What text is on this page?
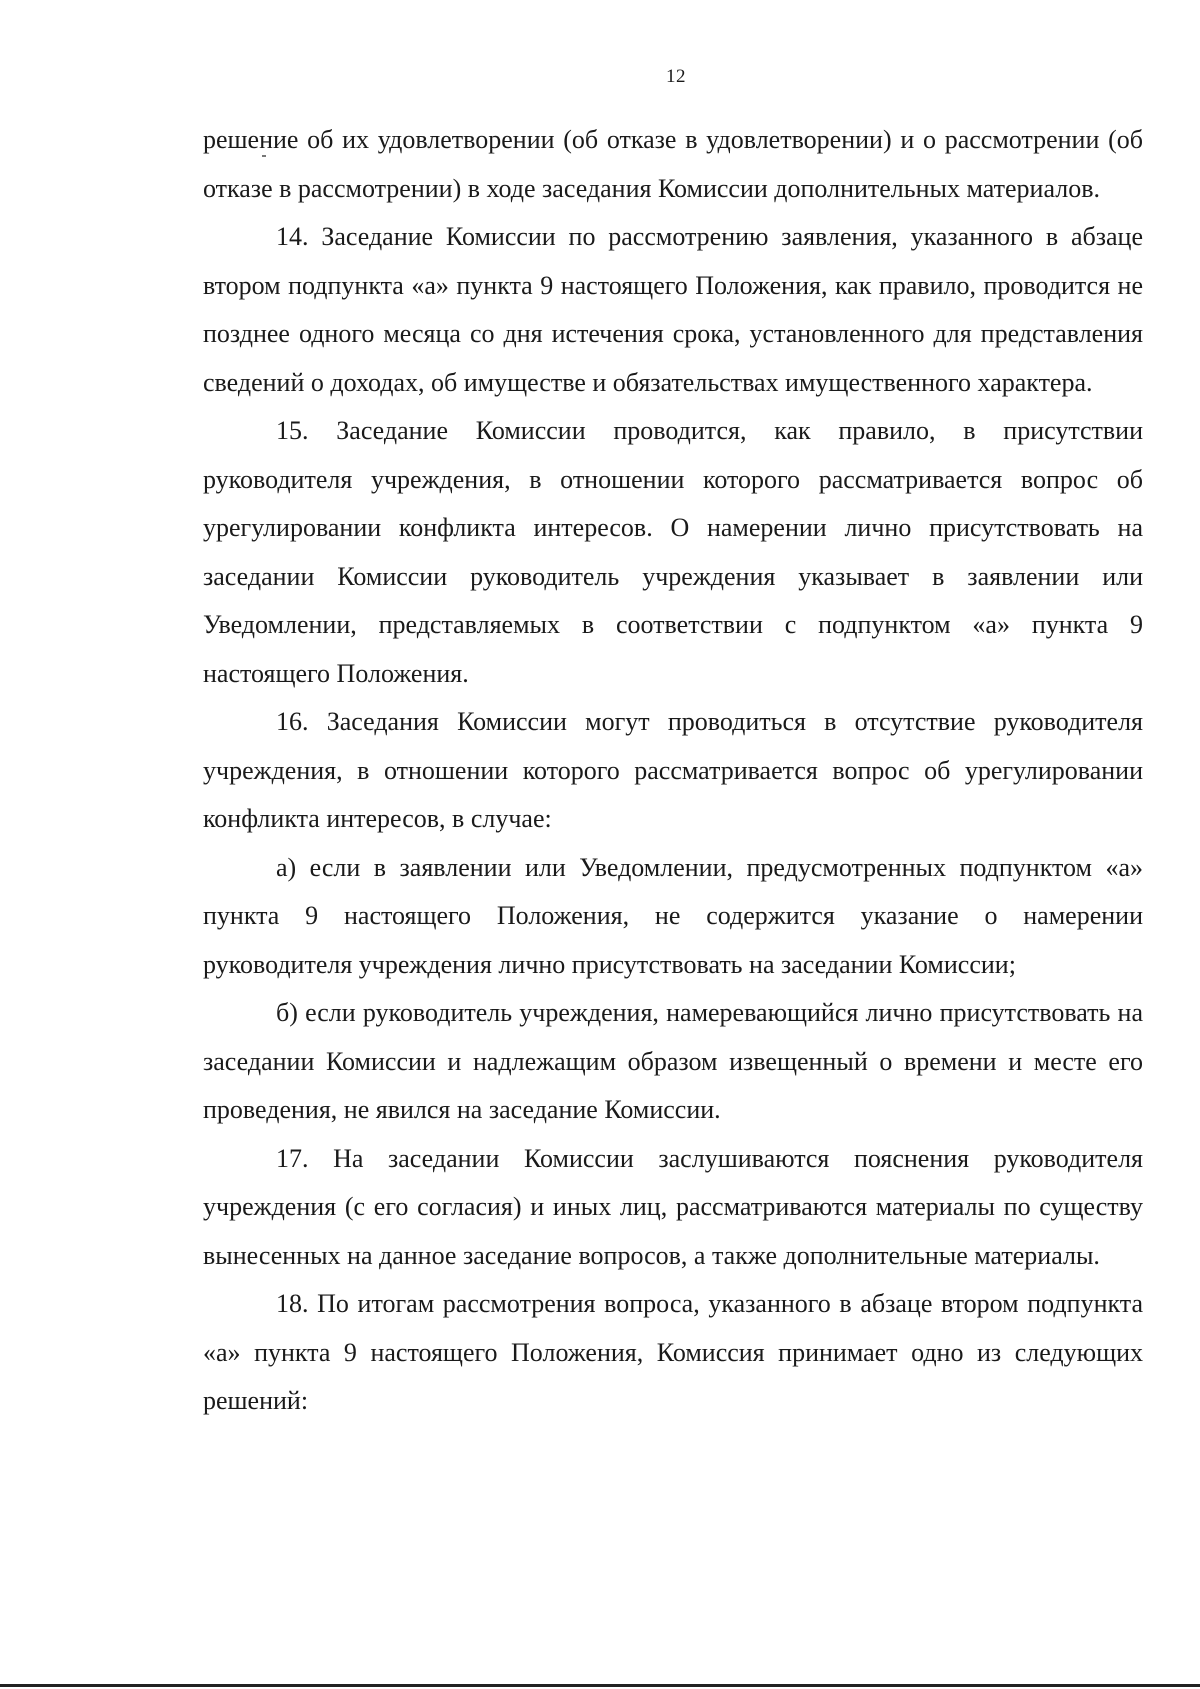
12

решение об их удовлетворении (об отказе в удовлетворении) и о рассмотрении (об отказе в рассмотрении) в ходе заседания Комиссии дополнительных материалов.

14. Заседание Комиссии по рассмотрению заявления, указанного в абзаце втором подпункта «а» пункта 9 настоящего Положения, как правило, проводится не позднее одного месяца со дня истечения срока, установленного для представления сведений о доходах, об имуществе и обязательствах имущественного характера.

15. Заседание Комиссии проводится, как правило, в присутствии руководителя учреждения, в отношении которого рассматривается вопрос об урегулировании конфликта интересов. О намерении лично присутствовать на заседании Комиссии руководитель учреждения указывает в заявлении или Уведомлении, представляемых в соответствии с подпунктом «а» пункта 9 настоящего Положения.

16. Заседания Комиссии могут проводиться в отсутствие руководителя учреждения, в отношении которого рассматривается вопрос об урегулировании конфликта интересов, в случае:

а) если в заявлении или Уведомлении, предусмотренных подпунктом «а» пункта 9 настоящего Положения, не содержится указание о намерении руководителя учреждения лично присутствовать на заседании Комиссии;

б) если руководитель учреждения, намеревающийся лично присутствовать на заседании Комиссии и надлежащим образом извещенный о времени и месте его проведения, не явился на заседание Комиссии.

17. На заседании Комиссии заслушиваются пояснения руководителя учреждения (с его согласия) и иных лиц, рассматриваются материалы по существу вынесенных на данное заседание вопросов, а также дополнительные материалы.

18. По итогам рассмотрения вопроса, указанного в абзаце втором подпункта «а» пункта 9 настоящего Положения, Комиссия принимает одно из следующих решений:
